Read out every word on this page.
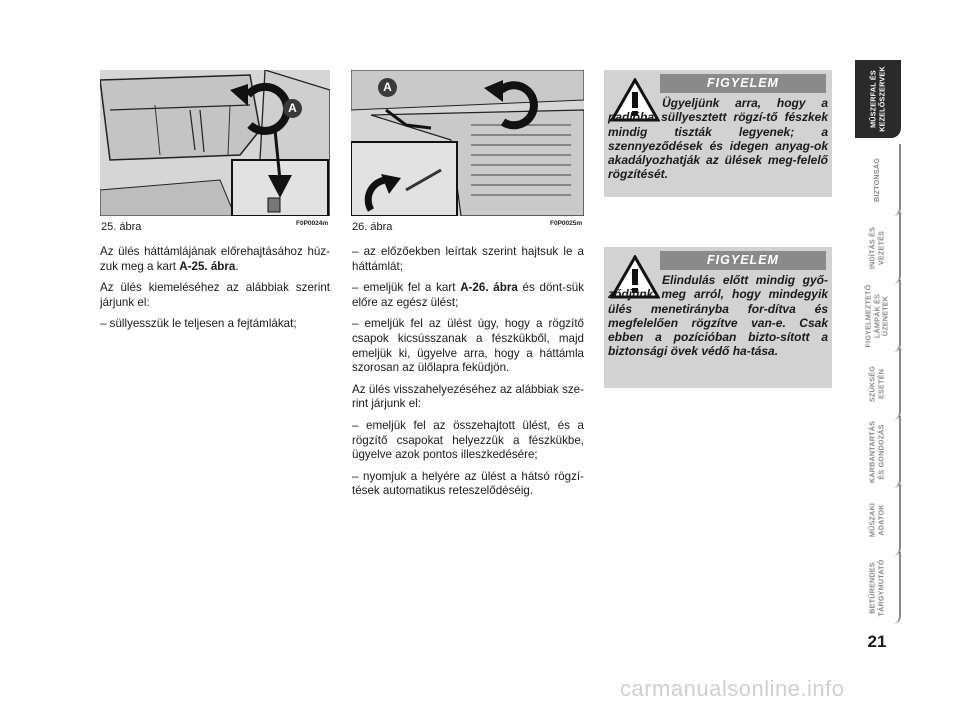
A
25. ábra	F0P0024m
A
26. ábra	F0P0025m

Az ülés háttámlájának előrehajtásához húz-zuk meg a kart A-25. ábra.

Az ülés kiemeléséhez az alábbiak szerint járjunk el:

– süllyesszük le teljesen a fejtámlákat;

– az előzőekben leírtak szerint hajtsuk le a háttámlát;

– emeljük fel a kart A-26. ábra és dönt-sük előre az egész ülést;

– emeljük fel az ülést úgy, hogy a rögzítő csapok kicsússzanak a fészkükből, majd emeljük ki, ügyelve arra, hogy a háttámla szorosan az ülőlapra feküdjön.

Az ülés visszahelyezéséhez az alábbiak sze-rint járjunk el:

– emeljük fel az összehajtott ülést, és a rögzítő csapokat helyezzük a fészkükbe, ügyelve azok pontos illeszkedésére;

– nyomjuk a helyére az ülést a hátsó rögzí-tések automatikus reteszelődéséig.

FIGYELEM
Ügyeljünk arra, hogy a padlóba süllyesztett rögzí-tő fészkek mindig tiszták legyenek; a szennyeződések és idegen anyag-ok akadályozhatják az ülések meg-felelő rögzítését.
FIGYELEM
Elindulás előtt mindig győ-ződjünk meg arról, hogy mindegyik ülés menetirányba for-dítva és megfelelően rögzítve van-e. Csak ebben a pozícióban bizto-sított a biztonsági övek védő ha-tása.
MŰSZERFAL ÉS
KEZELŐSZERVEK
BIZTONSÁG
INDÍTÁS ÉS
VEZETÉS
FIGYELMEZTETŐ
LÁMPÁK ÉS
ÜZENETEK
SZÜKSÉG
ESETÉN
KARBANTARTÁS
ÉS GONDOZÁS
MŰSZAKI
ADATOK
BETŰRENDES
TÁRGYMUTATÓ
21
carmanualsonline.info
